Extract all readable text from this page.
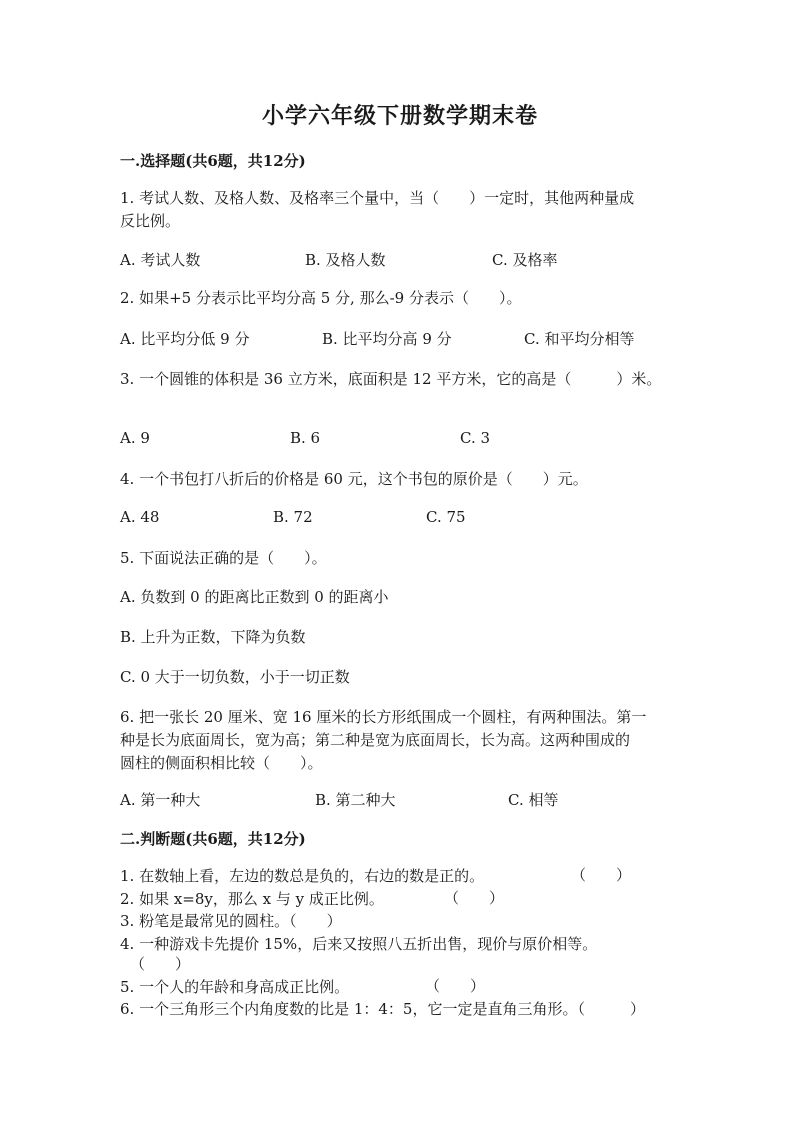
小学六年级下册数学期末卷
一.选择题(共6题，共12分)
1. 考试人数、及格人数、及格率三个量中，当（　　）一定时，其他两种量成
反比例。
A. 考试人数	B. 及格人数	C. 及格率
2. 如果+5 分表示比平均分高 5 分, 那么-9 分表示（　　）。
A. 比平均分低 9 分	B. 比平均分高 9 分	C. 和平均分相等
3. 一个圆锥的体积是 36 立方米，底面积是 12 平方米，它的高是（　　　）米。
A. 9	B. 6	C. 3
4. 一个书包打八折后的价格是 60 元，这个书包的原价是（　　）元。
A. 48	B. 72	C. 75
5. 下面说法正确的是（　　）。
A. 负数到 0 的距离比正数到 0 的距离小
B. 上升为正数，下降为负数
C. 0 大于一切负数，小于一切正数
6. 把一张长 20 厘米、宽 16 厘米的长方形纸围成一个圆柱，有两种围法。第一
种是长为底面周长，宽为高；第二种是宽为底面周长，长为高。这两种围成的
圆柱的侧面积相比较（　　）。
A. 第一种大	B. 第二种大	C. 相等
二.判断题(共6题，共12分)
1. 在数轴上看，左边的数总是负的，右边的数是正的。	（　　）
2. 如果 x=8y，那么 x 与 y 成正比例。	（　　）
3. 粉笔是最常见的圆柱。（　　）
4. 一种游戏卡先提价 15%，后来又按照八五折出售，现价与原价相等。
（　　）
5. 一个人的年龄和身高成正比例。	（　　）
6. 一个三角形三个内角度数的比是 1：4：5，它一定是直角三角形。（　　　）
